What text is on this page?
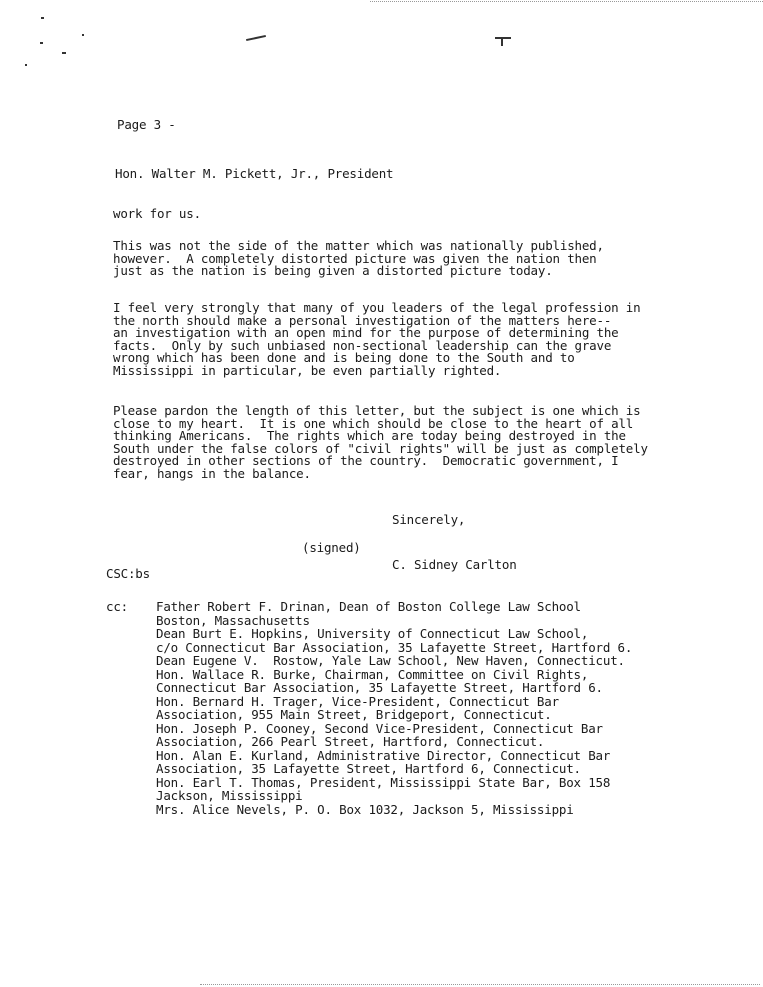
Page 3 -
Hon. Walter M. Pickett, Jr., President
work for us.
This was not the side of the matter which was nationally published,
however.  A completely distorted picture was given the nation then
just as the nation is being given a distorted picture today.
I feel very strongly that many of you leaders of the legal profession in
the north should make a personal investigation of the matters here--
an investigation with an open mind for the purpose of determining the
facts.  Only by such unbiased non-sectional leadership can the grave
wrong which has been done and is being done to the South and to
Mississippi in particular, be even partially righted.
Please pardon the length of this letter, but the subject is one which is
close to my heart.  It is one which should be close to the heart of all
thinking Americans.  The rights which are today being destroyed in the
South under the false colors of "civil rights" will be just as completely
destroyed in other sections of the country.  Democratic government, I
fear, hangs in the balance.
Sincerely,
(signed)
C. Sidney Carlton
CSC:bs
cc: Father Robert F. Drinan, Dean of Boston College Law School
Boston, Massachusetts
Dean Burt E. Hopkins, University of Connecticut Law School,
c/o Connecticut Bar Association, 35 Lafayette Street, Hartford 6.
Dean Eugene V.  Rostow, Yale Law School, New Haven, Connecticut.
Hon. Wallace R. Burke, Chairman, Committee on Civil Rights,
Connecticut Bar Association, 35 Lafayette Street, Hartford 6.
Hon. Bernard H. Trager, Vice-President, Connecticut Bar
Association, 955 Main Street, Bridgeport, Connecticut.
Hon. Joseph P. Cooney, Second Vice-President, Connecticut Bar
Association, 266 Pearl Street, Hartford, Connecticut.
Hon. Alan E. Kurland, Administrative Director, Connecticut Bar
Association, 35 Lafayette Street, Hartford 6, Connecticut.
Hon. Earl T. Thomas, President, Mississippi State Bar, Box 158
Jackson, Mississippi
Mrs. Alice Nevels, P. O. Box 1032, Jackson 5, Mississippi
